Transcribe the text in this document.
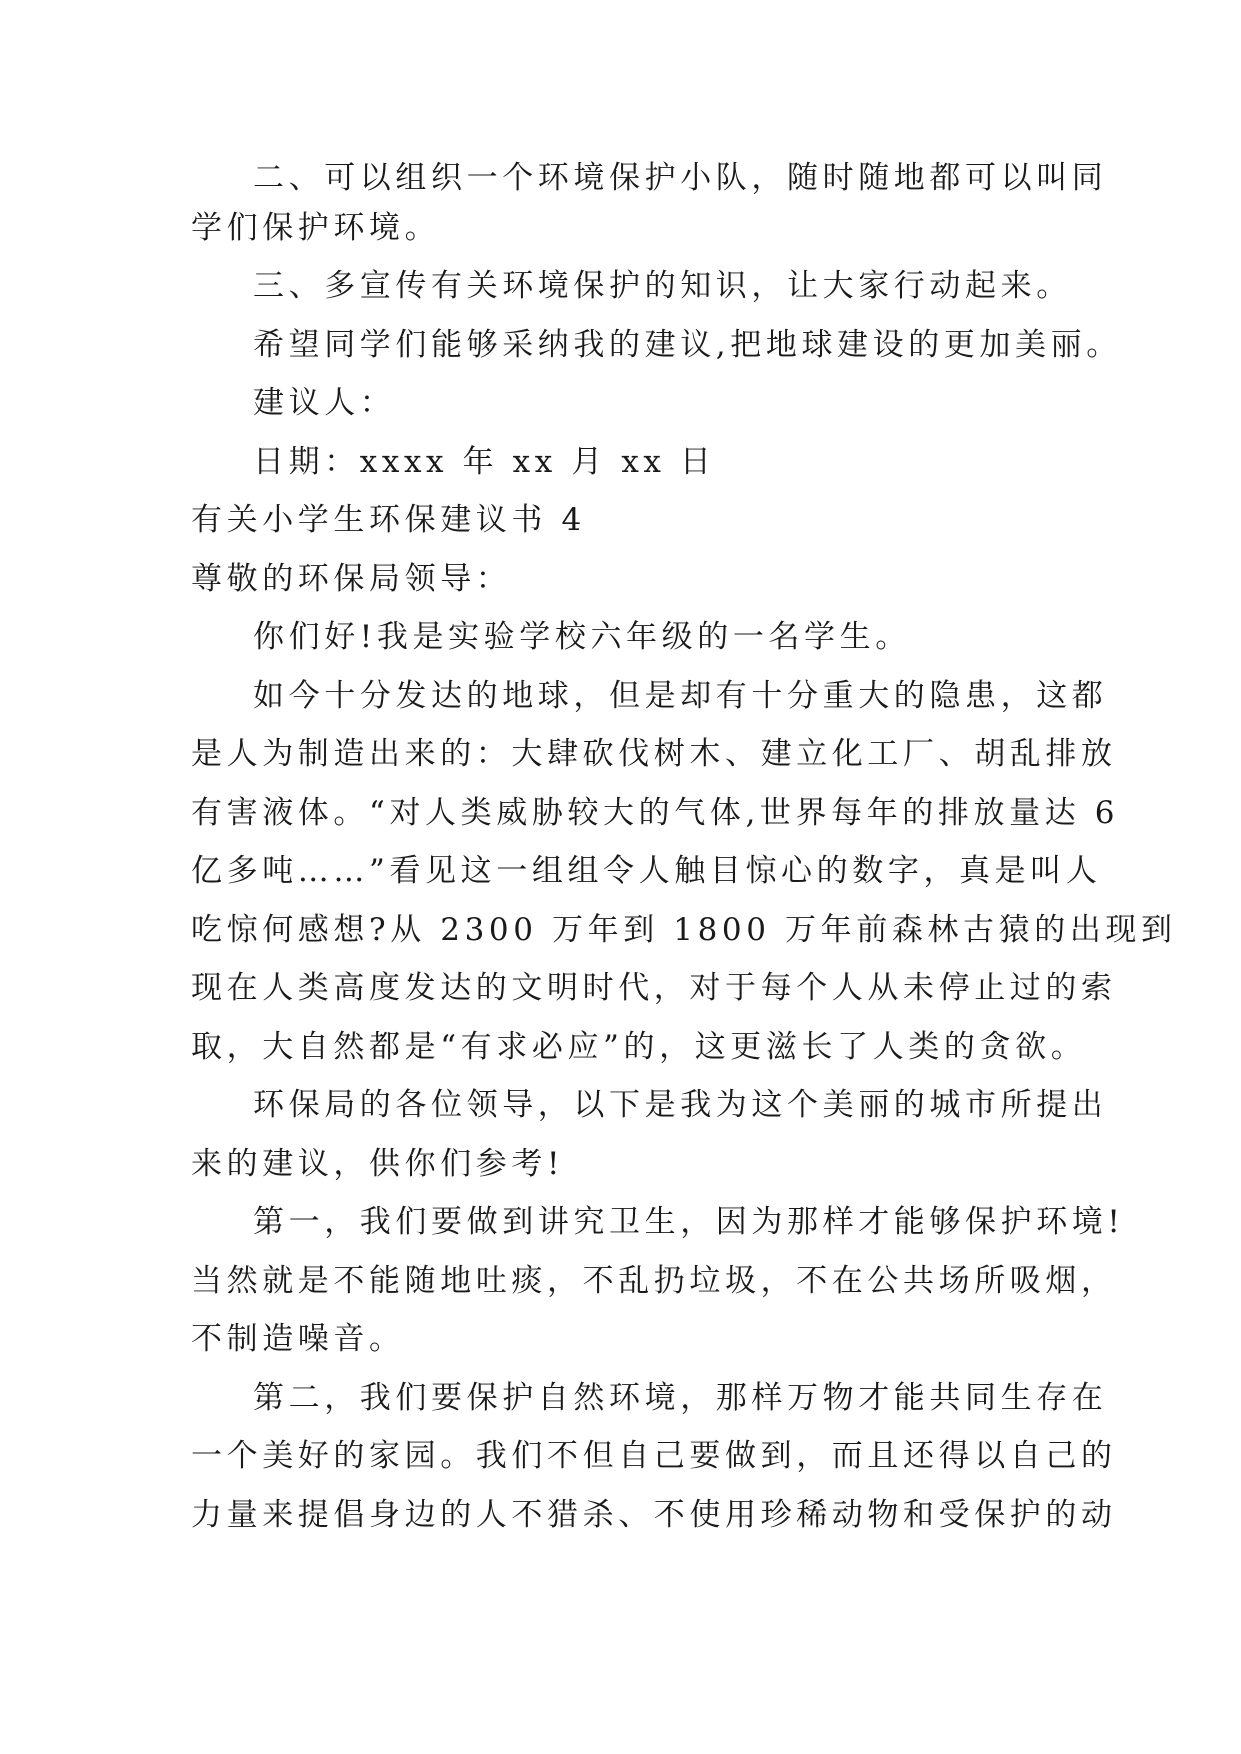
二、可以组织一个环境保护小队，随时随地都可以叫同
学们保护环境。
三、多宣传有关环境保护的知识，让大家行动起来。
希望同学们能够采纳我的建议,把地球建设的更加美丽。
建议人：
日期：xxxx 年 xx 月 xx 日
有关小学生环保建议书 4
尊敬的环保局领导：
你们好!我是实验学校六年级的一名学生。
如今十分发达的地球，但是却有十分重大的隐患，这都
是人为制造出来的：大肆砍伐树木、建立化工厂、胡乱排放
有害液体。“对人类威胁较大的气体,世界每年的排放量达 6
亿多吨……”看见这一组组令人触目惊心的数字，真是叫人
吃惊何感想?从 2300 万年到 1800 万年前森林古猿的出现到
现在人类高度发达的文明时代，对于每个人从未停止过的索
取，大自然都是“有求必应”的，这更滋长了人类的贪欲。
环保局的各位领导，以下是我为这个美丽的城市所提出
来的建议，供你们参考!
第一，我们要做到讲究卫生，因为那样才能够保护环境!
当然就是不能随地吐痰，不乱扔垃圾，不在公共场所吸烟，
不制造噪音。
第二，我们要保护自然环境，那样万物才能共同生存在
一个美好的家园。我们不但自己要做到，而且还得以自己的
力量来提倡身边的人不猎杀、不使用珍稀动物和受保护的动
